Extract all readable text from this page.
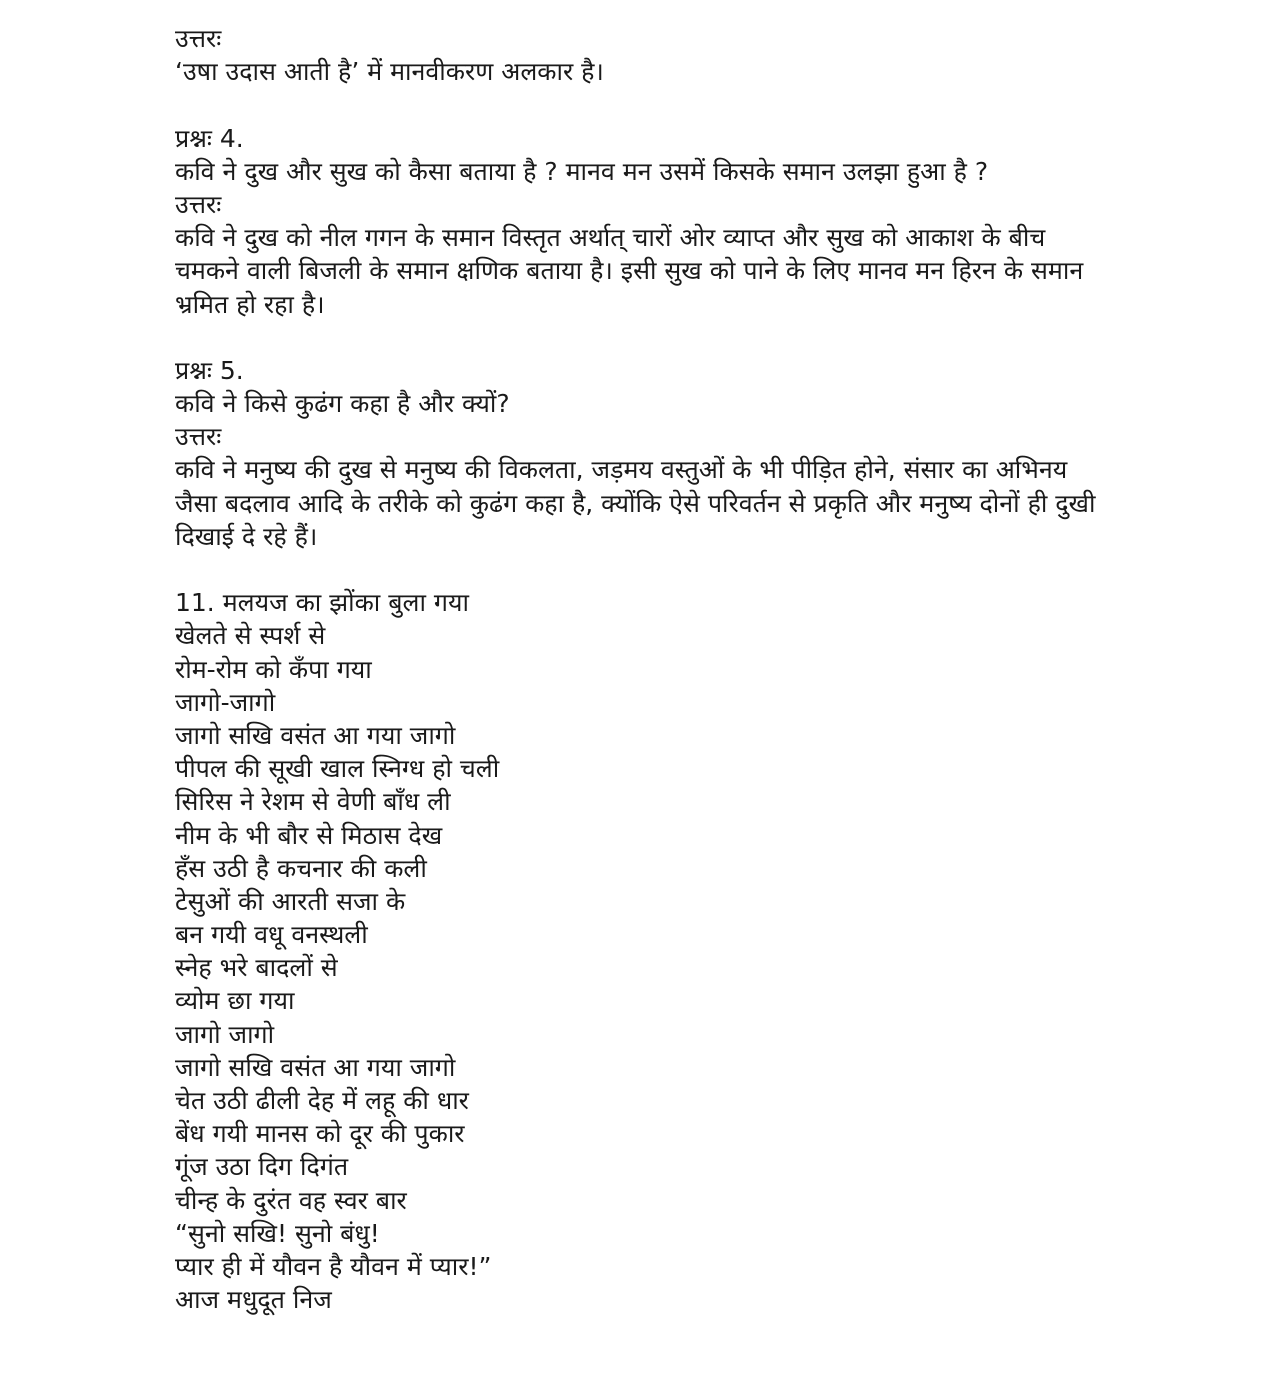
उत्तरः

‘उषा उदास आती है’ में मानवीकरण अलकार है।

प्रश्नः 4.

कवि ने दुख और सुख को कैसा बताया है ? मानव मन उसमें किसके समान उलझा हुआ है ?

उत्तरः

कवि ने दुख को नील गगन के समान विस्तृत अर्थात् चारों ओर व्याप्त और सुख को आकाश के बीच

चमकने वाली बिजली के समान क्षणिक बताया है। इसी सुख को पाने के लिए मानव मन हिरन के समान

भ्रमित हो रहा है।

प्रश्नः 5.

कवि ने किसे कुढंग कहा है और क्यों?

उत्तरः

कवि ने मनुष्य की दुख से मनुष्य की विकलता, जड़मय वस्तुओं के भी पीड़ित होने, संसार का अभिनय

जैसा बदलाव आदि के तरीके को कुढंग कहा है, क्योंकि ऐसे परिवर्तन से प्रकृति और मनुष्य दोनों ही दुखी

दिखाई दे रहे हैं।

11. मलयज का झोंका बुला गया

खेलते से स्पर्श से

रोम-रोम को कँपा गया

जागो-जागो

जागो सखि वसंत आ गया जागो

पीपल की सूखी खाल स्निग्ध हो चली

सिरिस ने रेशम से वेणी बाँध ली

नीम के भी बौर से मिठास देख

हँस उठी है कचनार की कली

टेसुओं की आरती सजा के

बन गयी वधू वनस्थली

स्नेह भरे बादलों से

व्योम छा गया

जागो जागो

जागो सखि वसंत आ गया जागो

चेत उठी ढीली देह में लहू की धार

बेंध गयी मानस को दूर की पुकार

गूंज उठा दिग दिगंत

चीन्ह के दुरंत वह स्वर बार

“सुनो सखि! सुनो बंधु!

प्यार ही में यौवन है यौवन में प्यार!”

आज मधुदूत निज
